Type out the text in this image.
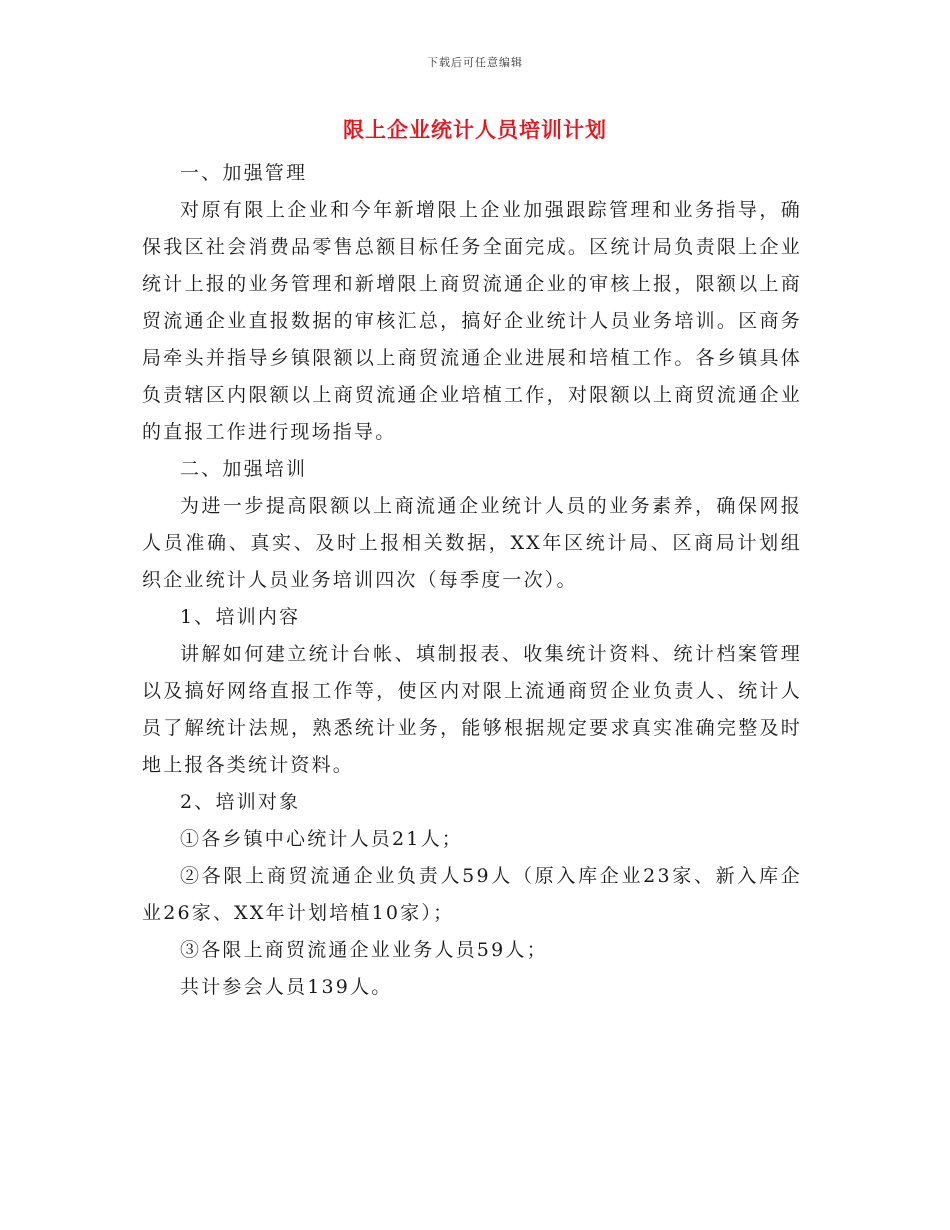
下载后可任意编辑
限上企业统计人员培训计划

一、加强管理

对原有限上企业和今年新增限上企业加强跟踪管理和业务指导，确保我区社会消费品零售总额目标任务全面完成。区统计局负责限上企业统计上报的业务管理和新增限上商贸流通企业的审核上报，限额以上商贸流通企业直报数据的审核汇总，搞好企业统计人员业务培训。区商务局牵头并指导乡镇限额以上商贸流通企业进展和培植工作。各乡镇具体负责辖区内限额以上商贸流通企业培植工作，对限额以上商贸流通企业的直报工作进行现场指导。

二、加强培训

为进一步提高限额以上商流通企业统计人员的业务素养，确保网报人员准确、真实、及时上报相关数据，XX年区统计局、区商局计划组织企业统计人员业务培训四次（每季度一次）。

1、培训内容

讲解如何建立统计台帐、填制报表、收集统计资料、统计档案管理以及搞好网络直报工作等，使区内对限上流通商贸企业负责人、统计人员了解统计法规，熟悉统计业务，能够根据规定要求真实准确完整及时地上报各类统计资料。

2、培训对象

①各乡镇中心统计人员21人；

②各限上商贸流通企业负责人59人（原入库企业23家、新入库企业26家、XX年计划培植10家）；

③各限上商贸流通企业业务人员59人；

共计参会人员139人。
